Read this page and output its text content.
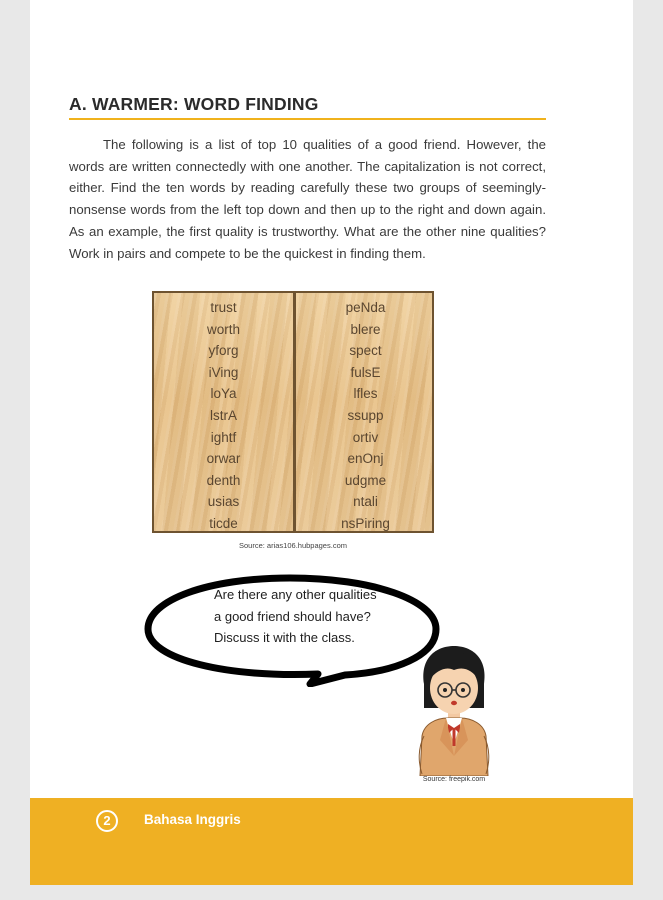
A. WARMER: WORD FINDING

The following is a list of top 10 qualities of a good friend. However, the words are written connectedly with one another. The capitalization is not correct, either. Find the ten words by reading carefully these two groups of seemingly-nonsense words from the left top down and then up to the right and down again. As an example, the first quality is trustworthy. What are the other nine qualities? Work in pairs and compete to be the quickest in finding them.

trust
worth
yforg
iVing
loYa
lstrA
ightf
orwar
denth
usias
ticde
peNda
blere
spect
fulsE
lfles
ssupp
ortiv
enOnj
udgme
ntali
nsPiring
Source: arias106.hubpages.com
Are there any other qualities
a good friend should have?
Discuss it with the class.
Source: freepik.com
2	Bahasa Inggris
